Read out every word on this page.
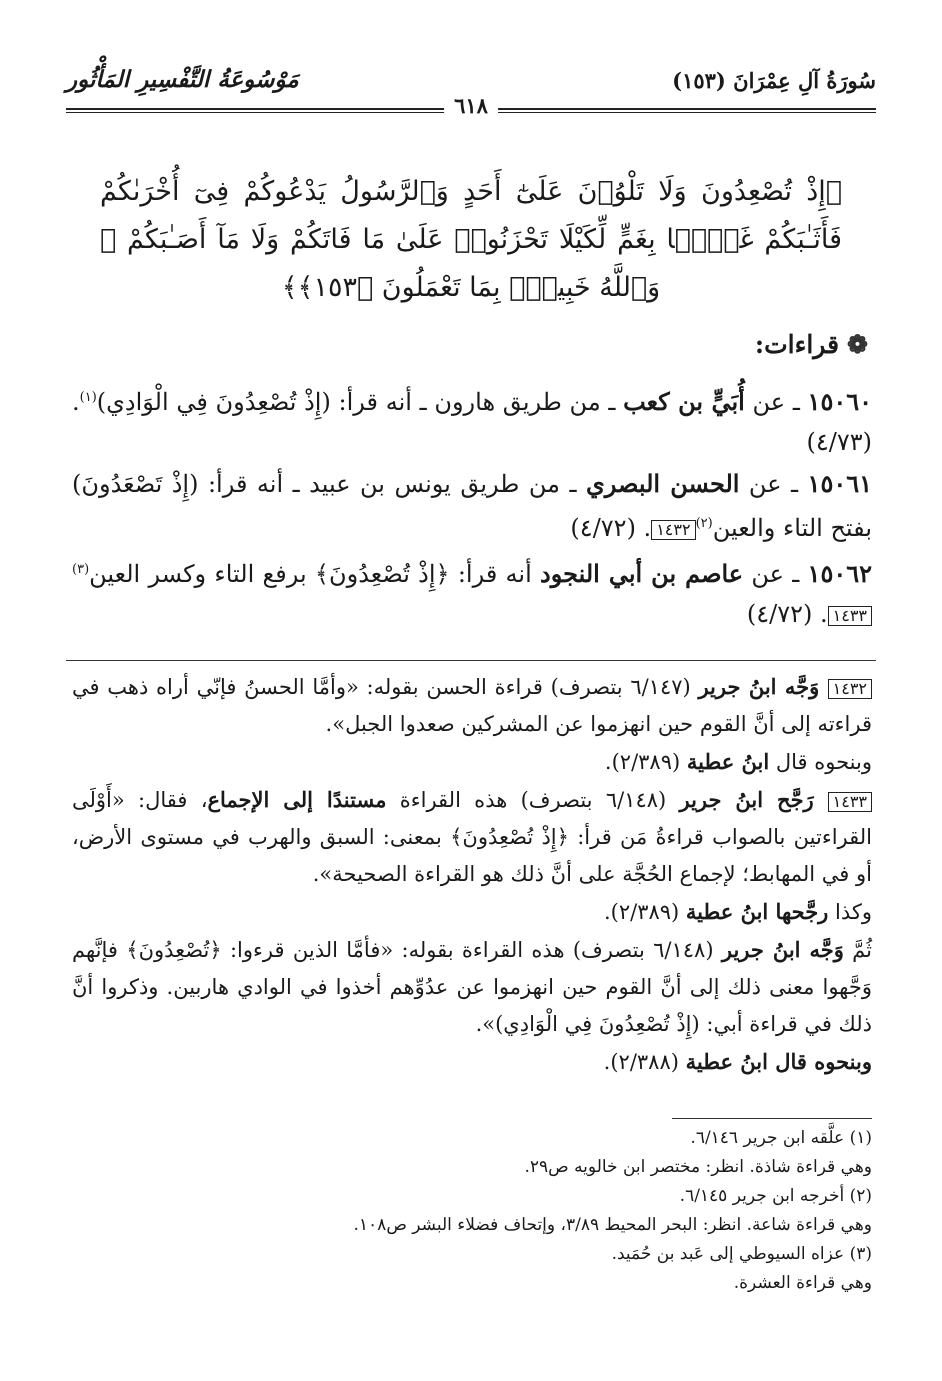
سُورَةُ آلِ عِمْرَانَ (١٥٣)
مَوْسُوعَةُ التَّفْسِيرِ المَأْثُور
٦١٨
﴿إِذْ تُصْعِدُونَ وَلَا تَلْوُۥنَ عَلَىٰٓ أَحَدٍ وَٱلرَّسُولُ يَدْعُوكُمْ فِىٓ أُخْرَىٰكُمْ فَأَثَـٰبَكُمْ غَمًّۢا بِغَمٍّ لِّكَيْلَا تَحْزَنُوا۟ عَلَىٰ مَا فَاتَكُمْ وَلَا مَآ أَصَـٰبَكُمْ ۗ وَٱللَّهُ خَبِيرٌۢ بِمَا تَعْمَلُونَ ﴿١٥٣﴾﴾
❁قراءات:

١٥٠٦٠ ـ عن أُبَيٍّ بن كعب ـ من طريق هارون ـ أنه قرأ: (إِذْ تُصْعِدُونَ فِي الْوَادِي)$^{(١)}$. (٤/٧٣)

١٥٠٦١ ـ عن الحسن البصري ـ من طريق يونس بن عبيد ـ أنه قرأ: (إِذْ تَصْعَدُونَ) بفتح التاء والعين$^{(٢)}$١٤٣٢. (٤/٧٢)

١٥٠٦٢ ـ عن عاصم بن أبي النجود أنه قرأ: ﴿إِذْ تُصْعِدُونَ﴾ برفع التاء وكسر العين$^{(٣)}$١٤٣٣. (٤/٧٢)

١٤٣٢ وَجَّه ابنُ جرير (٦/١٤٧ بتصرف) قراءة الحسن بقوله: «وأمَّا الحسنُ فإنّي أراه ذهب في قراءته إلى أنَّ القوم حين انهزموا عن المشركين صعدوا الجبل».

وبنحوه قال ابنُ عطية (٢/٣٨٩).

١٤٣٣ رَجَّح ابنُ جرير (٦/١٤٨ بتصرف) هذه القراءة مستندًا إلى الإجماع، فقال: «أَوْلَى القراءتين بالصواب قراءةُ مَن قرأ: ﴿إِذْ تُصْعِدُونَ﴾ بمعنى: السبق والهرب في مستوى الأرض، أو في المهابط؛ لإجماع الحُجَّة على أنَّ ذلك هو القراءة الصحيحة».

وكذا رجَّحها ابنُ عطية (٢/٣٨٩).

ثُمَّ وَجَّه ابنُ جرير (٦/١٤٨ بتصرف) هذه القراءة بقوله: «فأمَّا الذين قرءوا: ﴿تُصْعِدُونَ﴾ فإنَّهم وَجَّهوا معنى ذلك إلى أنَّ القوم حين انهزموا عن عدُوِّهم أخذوا في الوادي هاربين. وذكروا أنَّ ذلك في قراءة أبي: (إِذْ تُصْعِدُونَ فِي الْوَادِي)».

وبنحوه قال ابنُ عطية (٢/٣٨٨).

(١) علَّقه ابن جرير ٦/١٤٦.

وهي قراءة شاذة. انظر: مختصر ابن خالويه ص٢٩.

(٢) أخرجه ابن جرير ٦/١٤٥.

وهي قراءة شاعة. انظر: البحر المحيط ٣/٨٩، وإتحاف فضلاء البشر ص١٠٨.

(٣) عزاه السيوطي إلى عَبد بن حُمَيد.

وهي قراءة العشرة.
